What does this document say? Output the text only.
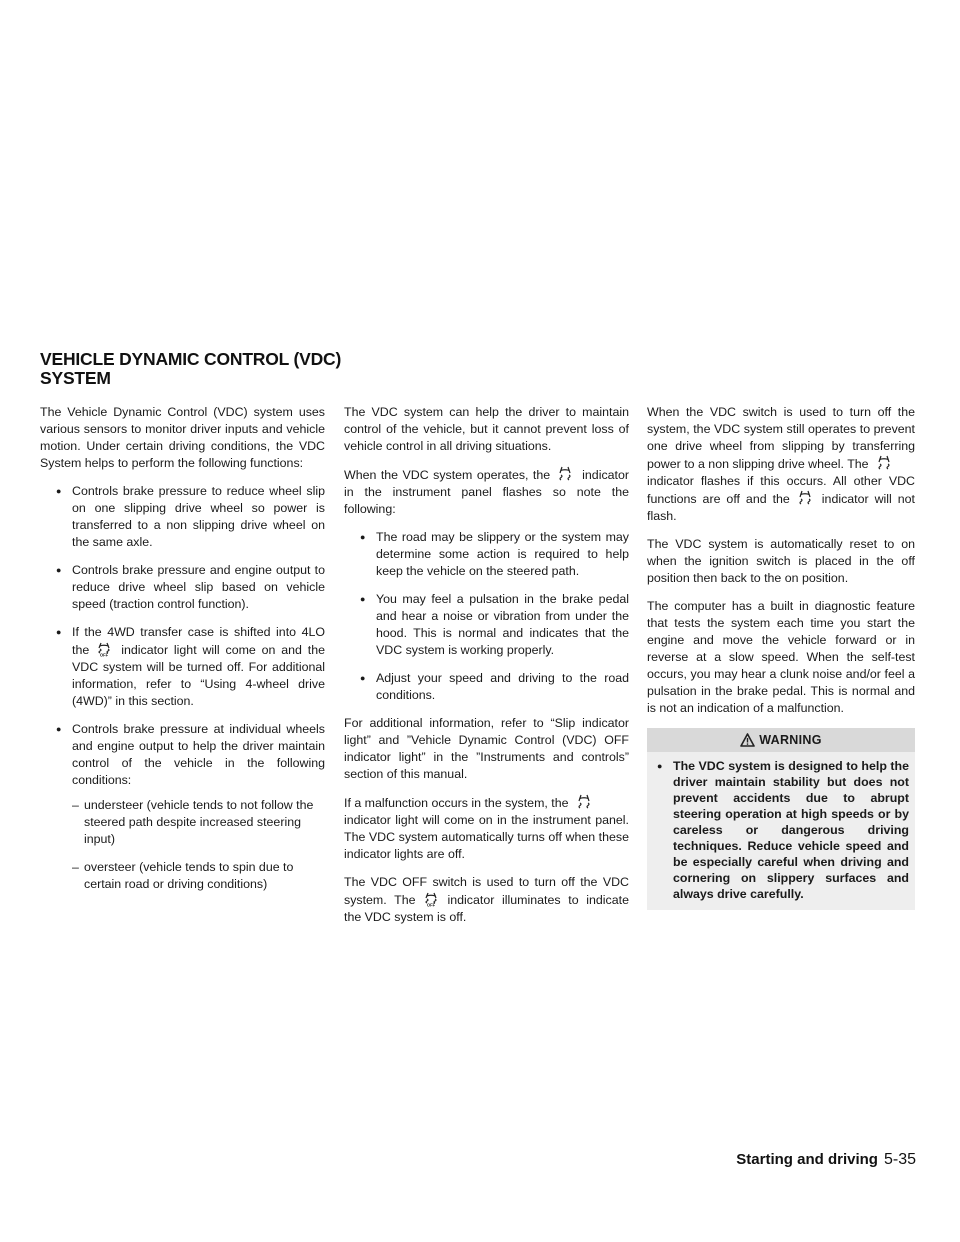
VEHICLE DYNAMIC CONTROL (VDC) SYSTEM

The Vehicle Dynamic Control (VDC) system uses various sensors to monitor driver inputs and vehicle motion. Under certain driving conditions, the VDC System helps to perform the following functions:

● Controls brake pressure to reduce wheel slip on one slipping drive wheel so power is transferred to a non slipping drive wheel on the same axle.
● Controls brake pressure and engine output to reduce drive wheel slip based on vehicle speed (traction control function).
● If the 4WD transfer case is shifted into 4LO the	OFF indicator light will come on and the VDC system will be turned off. For additional information, refer to “Using 4-wheel drive (4WD)” in this section.
● Controls brake pressure at individual wheels and engine output to help the driver maintain control of the vehicle in the following conditions:
– understeer (vehicle tends to not follow the steered path despite increased steering input)
– oversteer (vehicle tends to spin due to certain road or driving conditions)

The VDC system can help the driver to maintain control of the vehicle, but it cannot prevent loss of vehicle control in all driving situations.

When the VDC system operates, the	indicator in the instrument panel flashes so note the following:

● The road may be slippery or the system may determine some action is required to help keep the vehicle on the steered path.
● You may feel a pulsation in the brake pedal and hear a noise or vibration from under the hood. This is normal and indicates that the VDC system is working properly.
● Adjust your speed and driving to the road conditions.

For additional information, refer to “Slip indicator light” and ”Vehicle Dynamic Control (VDC) OFF indicator light” in the ”Instruments and controls” section of this manual.

If a malfunction occurs in the system, the

indicator light will come on in the instrument panel. The VDC system automatically turns off when these indicator lights are off.

The VDC OFF switch is used to turn off the VDC system. The	OFF indicator illuminates to indicate the VDC system is off.

When the VDC switch is used to turn off the system, the VDC system still operates to prevent one drive wheel from slipping by transferring power to a non slipping drive wheel. The

indicator flashes if this occurs. All other VDC functions are off and the	indicator will not flash.

The VDC system is automatically reset to on when the ignition switch is placed in the off position then back to the on position.

The computer has a built in diagnostic feature that tests the system each time you start the engine and move the vehicle forward or in reverse at a slow speed. When the self-test occurs, you may hear a clunk noise and/or feel a pulsation in the brake pedal. This is normal and is not an indication of a malfunction.

WARNING
● The VDC system is designed to help the driver maintain stability but does not prevent accidents due to abrupt steering operation at high speeds or by careless or dangerous driving techniques. Reduce vehicle speed and be especially careful when driving and cornering on slippery surfaces and always drive carefully.
Starting and driving 5-35
